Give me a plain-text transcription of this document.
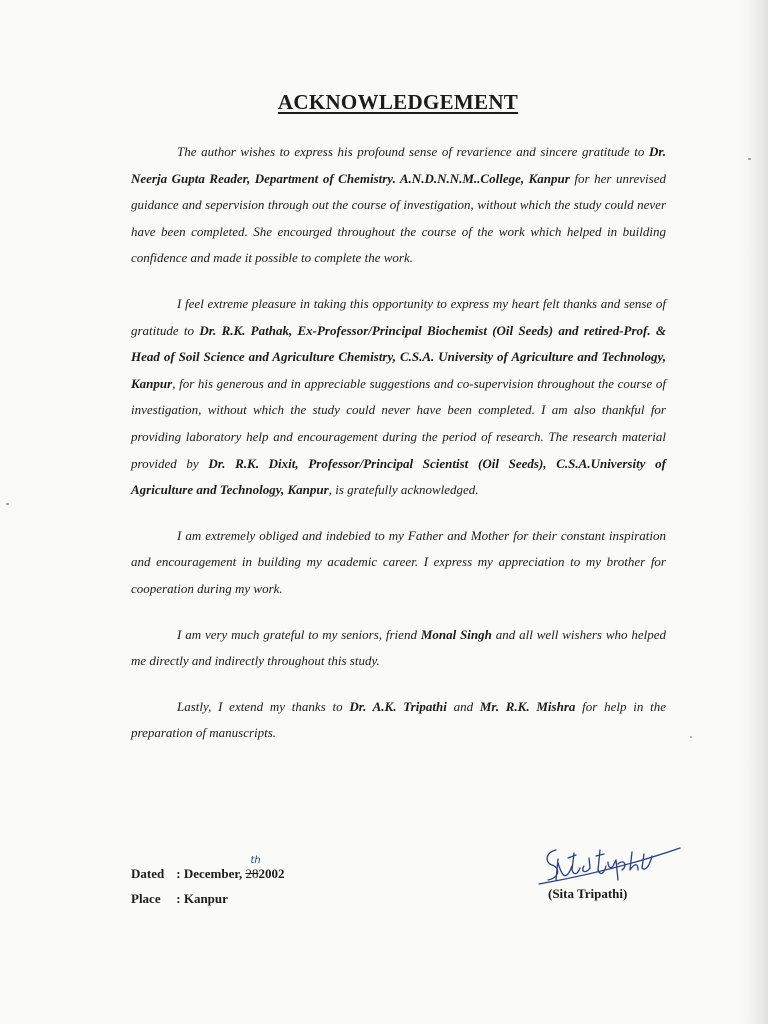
ACKNOWLEDGEMENT

The author wishes to express his profound sense of revarience and sincere gratitude to Dr. Neerja Gupta Reader, Department of Chemistry. A.N.D.N.N.M..College, Kanpur for her unrevised guidance and sepervision through out the course of investigation, without which the study could never have been completed. She encourged throughout the course of the work which helped in building confidence and made it possible to complete the work.

I feel extreme pleasure in taking this opportunity to express my heart felt thanks and sense of gratitude to Dr. R.K. Pathak, Ex-Professor/Principal Biochemist (Oil Seeds) and retired-Prof. & Head of Soil Science and Agriculture Chemistry, C.S.A. University of Agriculture and Technology, Kanpur, for his generous and in appreciable suggestions and co-supervision throughout the course of investigation, without which the study could never have been completed. I am also thankful for providing laboratory help and encouragement during the period of research. The research material provided by Dr. R.K. Dixit, Professor/Principal Scientist (Oil Seeds), C.S.A.University of Agriculture and Technology, Kanpur, is gratefully acknowledged.

I am extremely obliged and indebied to my Father and Mother for their constant inspiration and encouragement in building my academic career. I express my appreciation to my brother for cooperation during my work.

I am very much grateful to my seniors, friend Monal Singh and all well wishers who helped me directly and indirectly throughout this study.

Lastly, I extend my thanks to Dr. A.K. Tripathi and Mr. R.K. Mishra for help in the preparation of manuscripts.

Dated : December, 28
th
2002
Place : Kanpur	(Sita Tripathi)
